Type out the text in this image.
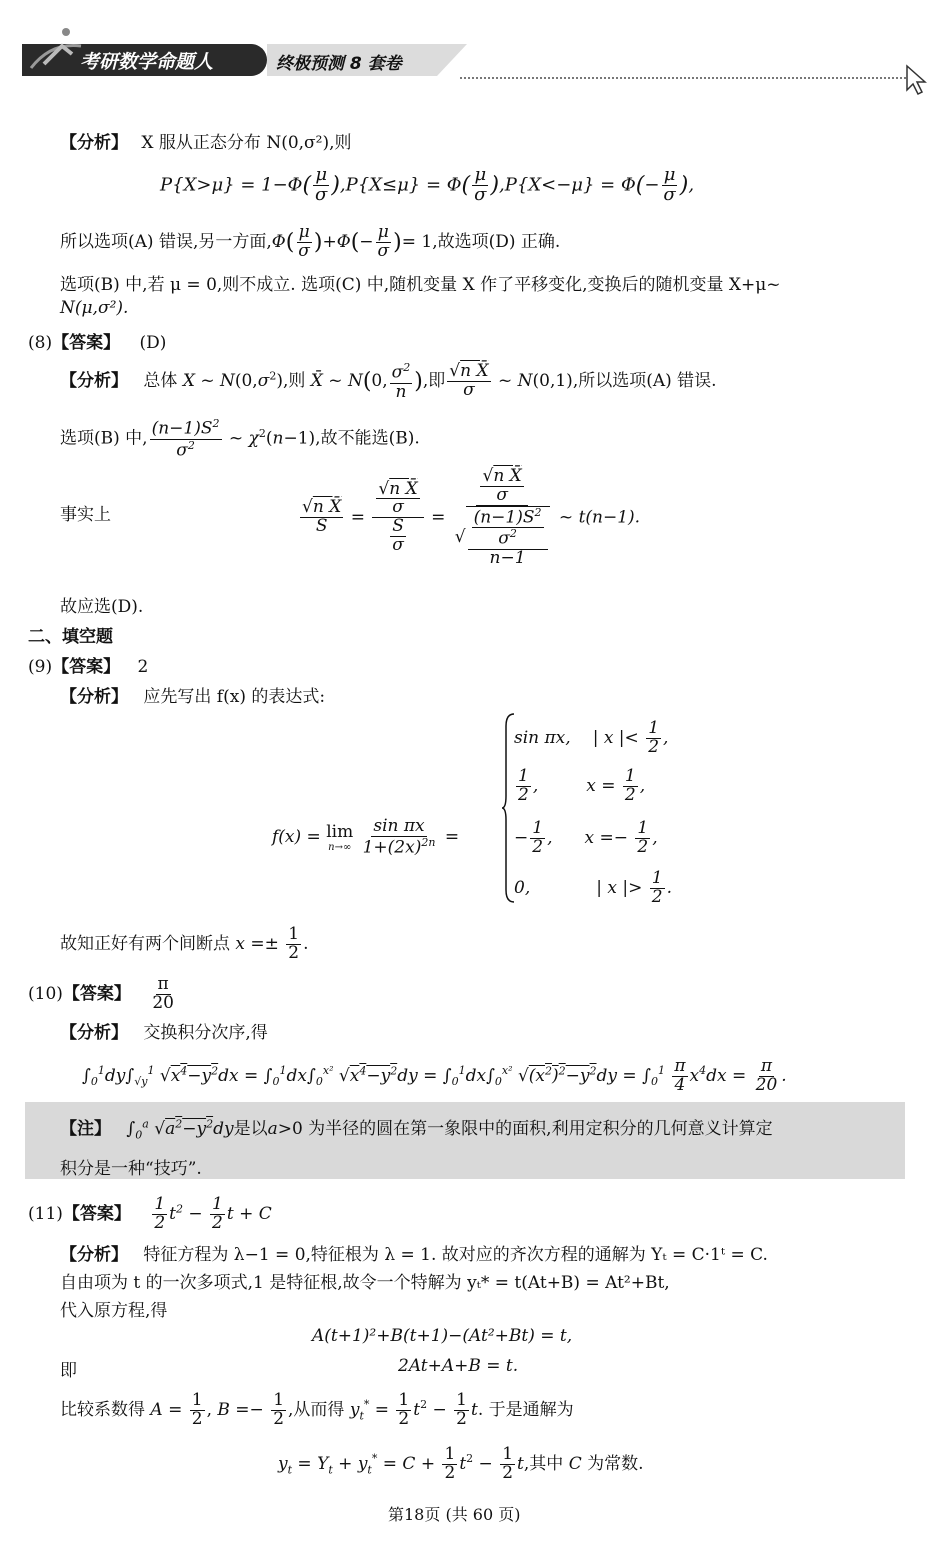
考研数学命题人	终极预测 8 套卷
【分析】 X 服从正态分布 N(0,σ²),则
$P\{X>\mu\} = 1-\Phi( \frac{\mu}{\sigma} ),P\{X\le\mu\} = \Phi( \frac{\mu}{\sigma} ),P\{X<-\mu\} = \Phi(- \frac{\mu}{\sigma}$ ),
所以选项(A) 错误,另一方面$,\Phi( \frac{\mu}{\sigma} )+\Phi(- \frac{\mu}{\sigma}$ )= 1,故选项(D) 正确.
选项(B) 中,若 μ = 0,则不成立. 选项(C) 中,随机变量 X 作了平移变化,变换后的随机变量 X+μ~
N(μ,σ²).
(8)【答案】 (D)
【分析】 总体 X ~ $N(0,\sigma^2)$,则 X̄ ~ N(0, $\frac{\sigma^2}{n}$ ),即 $\frac{\text{√n X̄}}{\sigma}$ ~ N(0,1),所以选项(A) 错误.
选项(B) 中, $\frac{(n-1)S^2}{\sigma^2}$ ~ $\chi^2(n-1)$,故不能选(B).
事实上	$\frac{\text{√n X̄}}{S} = \frac{\frac{\text{√n X̄}}{\sigma}}{\frac{S}{\sigma}} = \frac{\frac{\text{√n X̄}}{\sigma}}{√ \frac{\frac{(n-1)S^2}{\sigma^2}}{n-1}}$ ~ t(n−1).
故应选(D).
二、填空题
(9)【答案】 2
【分析】 应先写出 f(x) 的表达式:
f(x) = lim
n→∞
$\frac{\text{sin πx}}{1+(2x)^{2n}}$ =
sin πx, | x |< $\frac{1}{2}$ ,
$\frac{1}{2}$ ,	$x = \frac{1}{2}$ ,
− $\frac{1}{2}$ , $x =- \frac{1}{2}$ ,
0,	| x |> $\frac{1}{2}$ .
故知正好有两个间断点 $x =\pm \frac{1}{2}$ .
(10)【答案】 $\frac{\pi}{20}$
【分析】 交换积分次序,得
$\int_0^1dy\int_{√y}^1$ $√x^4-y^2dx = \int_0^1dx\int_0^{x^2}$ $√x^4-y^2dy = \int_0^1dx\int_0^{x^2}$ $√(x^2)^2-y^2dy = \int_0^1 \frac{\pi}{4} x^4dx = \frac{\pi}{20}$ .
【注】 $\int_0^a$ $√a^2-y^2dy$是以a>0 为半径的圆在第一象限中的面积,利用定积分的几何意义计算定
积分是一种“技巧”.
(11)【答案】 $\frac{1}{2} t^2 - \frac{1}{2}$ t + C
【分析】 特征方程为 λ−1 = 0,特征根为 λ = 1. 故对应的齐次方程的通解为 Yₜ = C·1ᵗ = C.
自由项为 t 的一次多项式,1 是特征根,故令一个特解为 yₜ* = t(At+B) = At²+Bt,
代入原方程,得
A(t+1)²+B(t+1)−(At²+Bt) = t,
即	2At+A+B = t.
比较系数得 $A = \frac{1}{2}$ , $B =- \frac{1}{2}$ ,从而得 $y_t^* = \frac{1}{2} t^2 - \frac{1}{2} t$. 于是通解为
$y_t = Y_t + y_t^* = C + \frac{1}{2} t^2 - \frac{1}{2} t$,其中 C 为常数.
第18页 (共 60 页)
